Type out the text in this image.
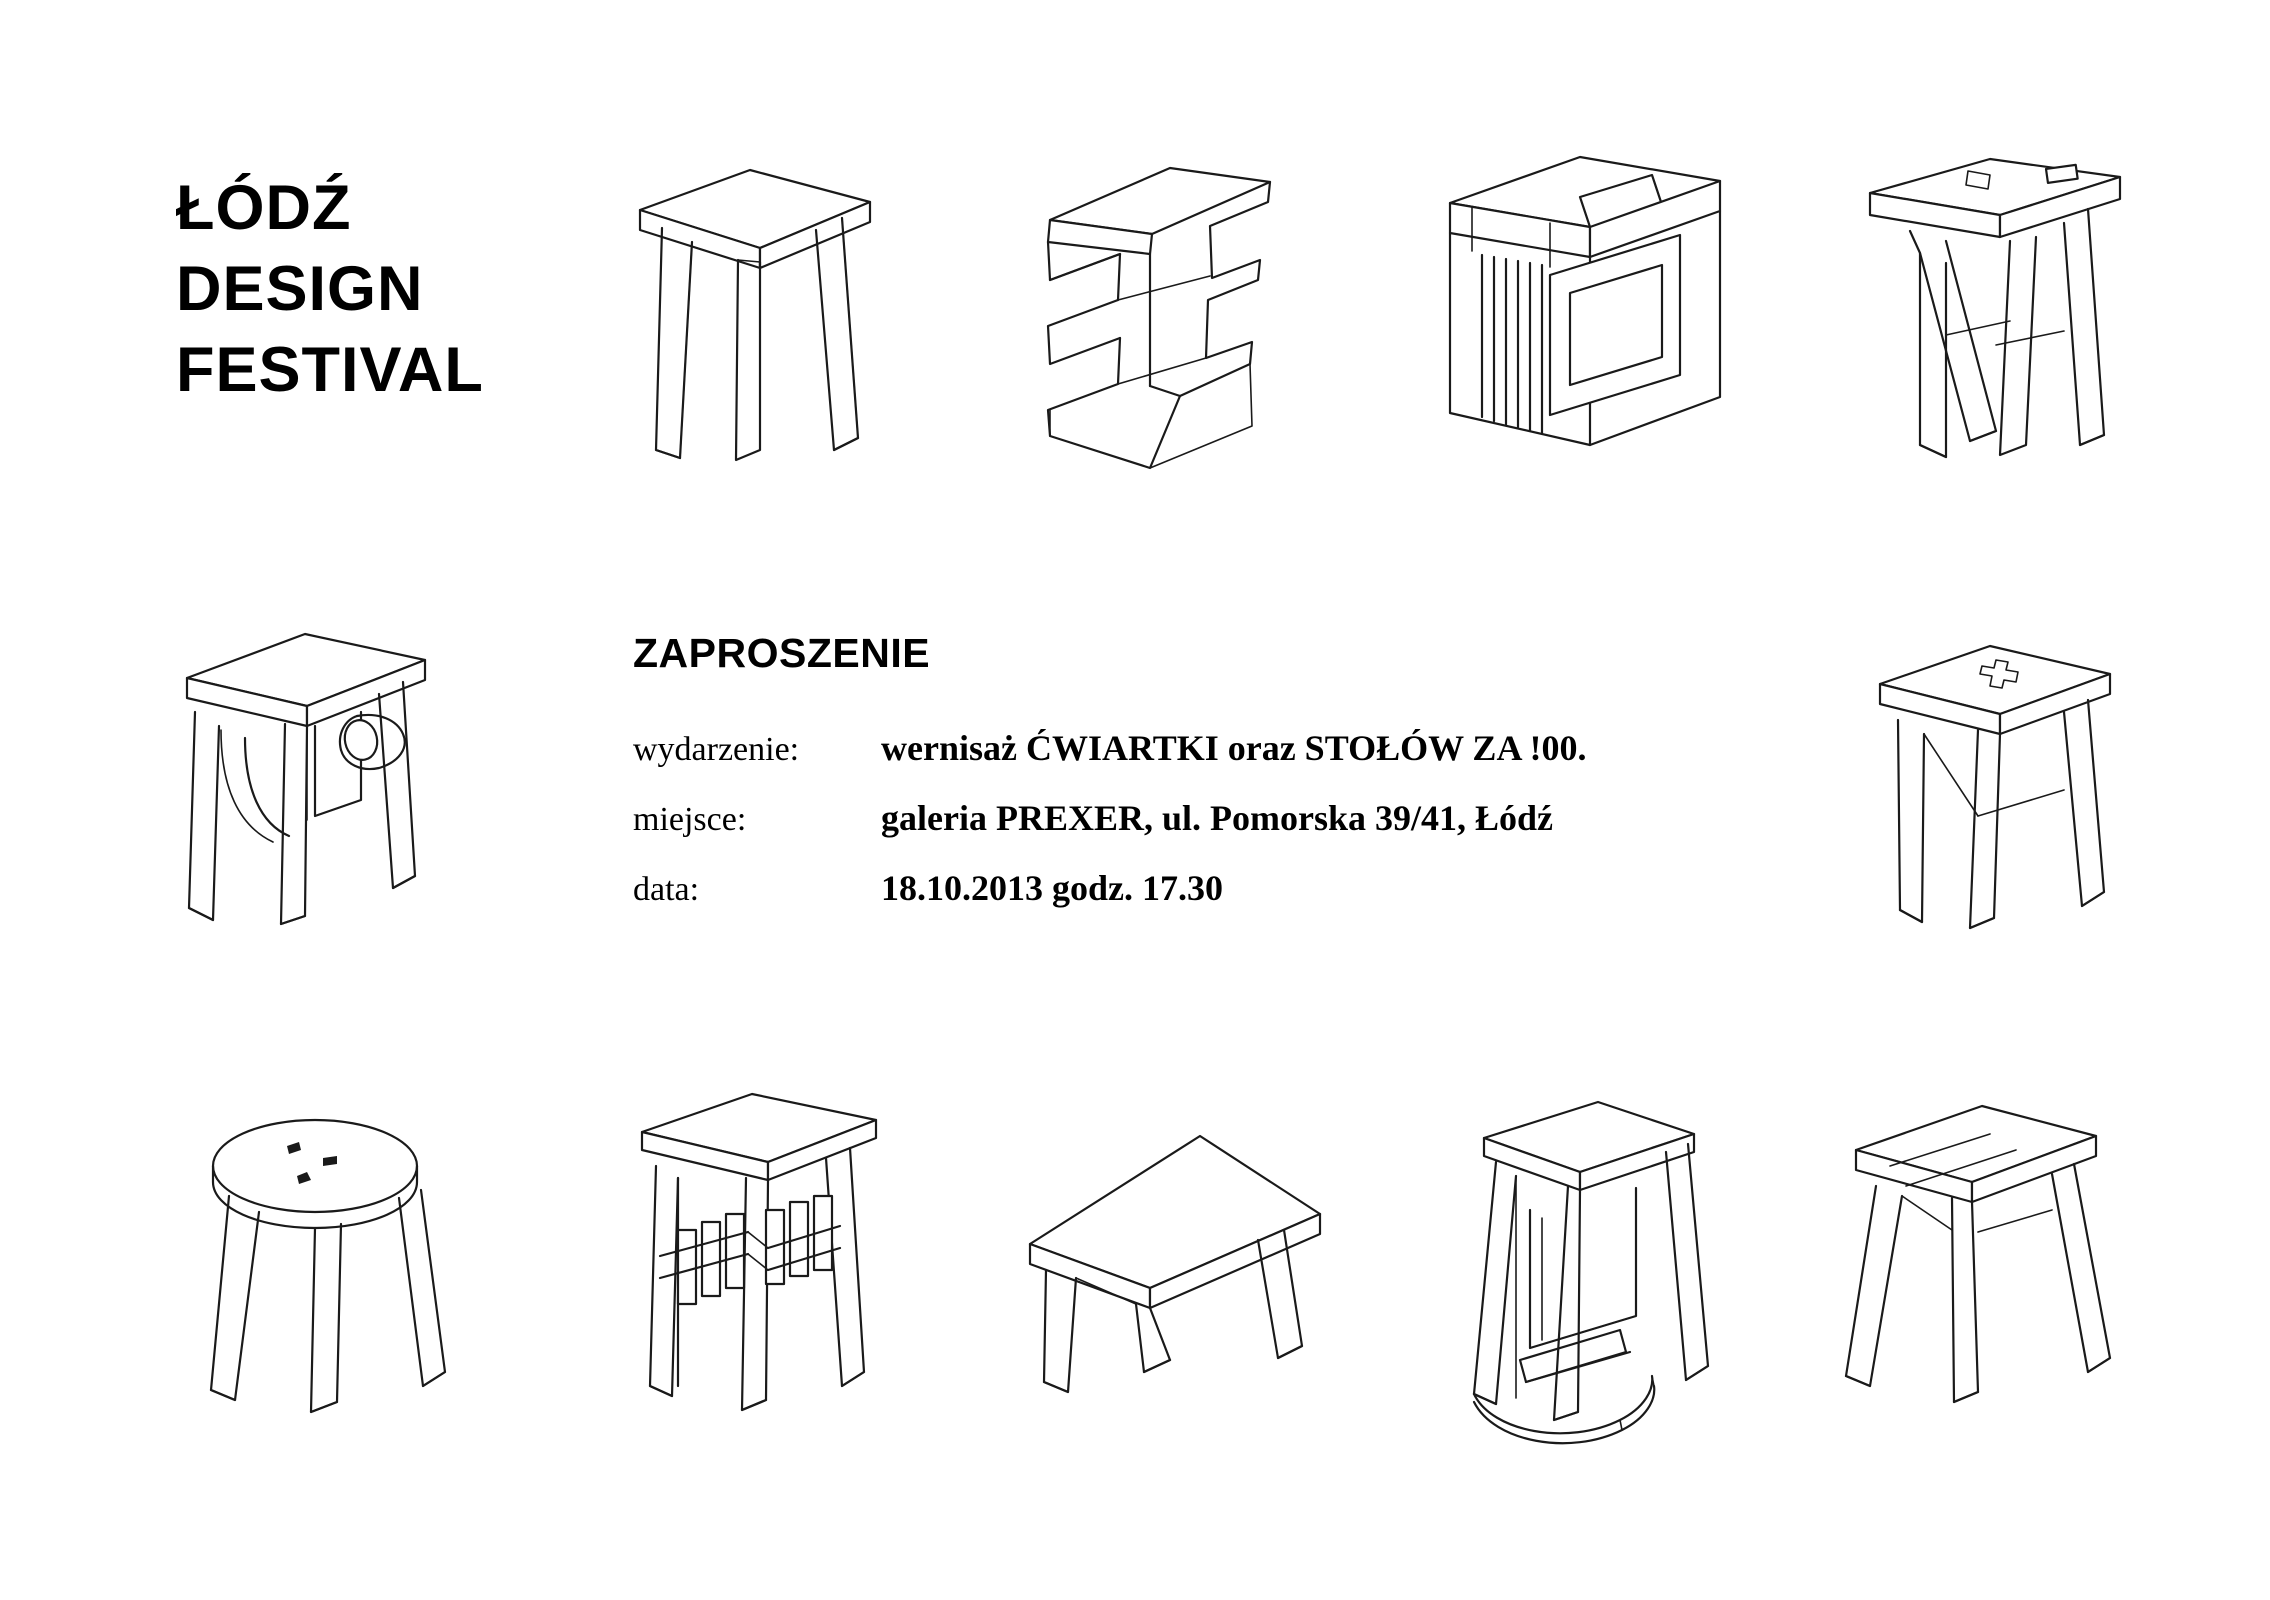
ŁÓDŹ
DESIGN
FESTIVAL
ZAPROSZENIE
wydarzenie:	wernisaż ĆWIARTKI oraz STOŁÓW ZA !00.
miejsce:	galeria PREXER, ul. Pomorska 39/41, Łódź
data:	18.10.2013 godz. 17.30
